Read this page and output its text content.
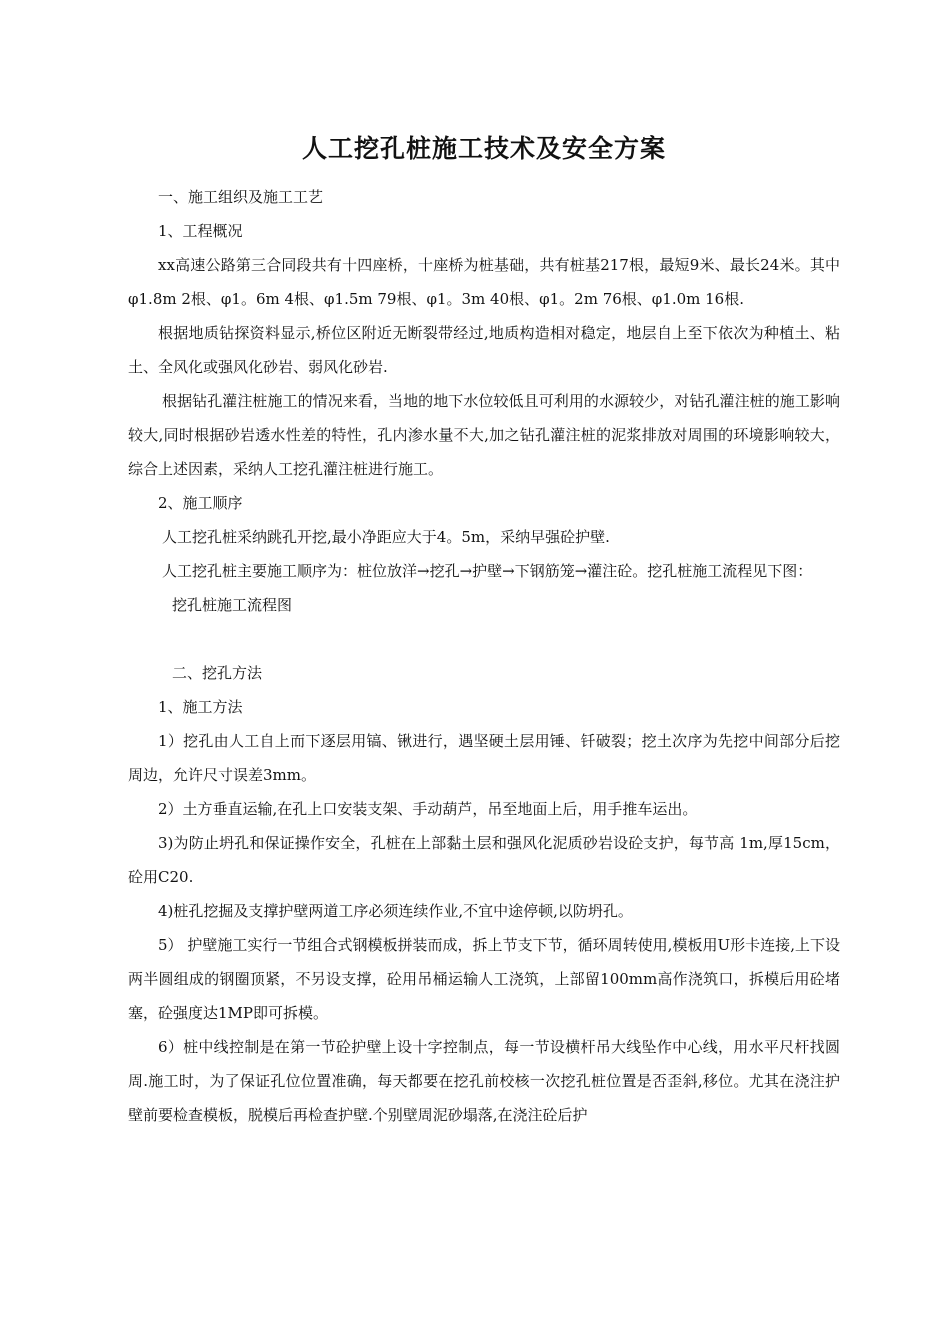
人工挖孔桩施工技术及安全方案
一、施工组织及施工工艺
1、工程概况
xx高速公路第三合同段共有十四座桥，十座桥为桩基础，共有桩基217根，最短9米、最长24米。其中 φ1.8m 2根、φ1。6m 4根、φ1.5m 79根、φ1。3m 40根、φ1。2m 76根、φ1.0m 16根.
根据地质钻探资料显示,桥位区附近无断裂带经过,地质构造相对稳定，地层自上至下依次为种植土、粘土、全风化或强风化砂岩、弱风化砂岩.
根据钻孔灌注桩施工的情况来看，当地的地下水位较低且可利用的水源较少，对钻孔灌注桩的施工影响较大,同时根据砂岩透水性差的特性，孔内渗水量不大,加之钻孔灌注桩的泥浆排放对周围的环境影响较大，综合上述因素，采纳人工挖孔灌注桩进行施工。
2、施工顺序
人工挖孔桩采纳跳孔开挖,最小净距应大于4。5m，采纳早强砼护壁.
人工挖孔桩主要施工顺序为：桩位放洋→挖孔→护壁→下钢筋笼→灌注砼。挖孔桩施工流程见下图：
挖孔桩施工流程图
二、挖孔方法
1、施工方法
1）挖孔由人工自上而下逐层用镐、锹进行，遇坚硬土层用锤、钎破裂；挖土次序为先挖中间部分后挖周边，允许尺寸误差3mm。
2）土方垂直运输,在孔上口安装支架、手动葫芦，吊至地面上后，用手推车运出。
3)为防止坍孔和保证操作安全，孔桩在上部黏土层和强风化泥质砂岩设砼支护，每节高 1m,厚15cm，砼用C20.
4)桩孔挖掘及支撑护壁两道工序必须连续作业,不宜中途停顿,以防坍孔。
5） 护壁施工实行一节组合式钢模板拼装而成，拆上节支下节，循环周转使用,模板用U形卡连接,上下设两半圆组成的钢圈顶紧，不另设支撑，砼用吊桶运输人工浇筑，上部留100mm高作浇筑口，拆模后用砼堵塞，砼强度达1MP即可拆模。
6）桩中线控制是在第一节砼护壁上设十字控制点，每一节设横杆吊大线坠作中心线，用水平尺杆找圆周.施工时，为了保证孔位位置准确，每天都要在挖孔前校核一次挖孔桩位置是否歪斜,移位。尤其在浇注护壁前要检查模板，脱模后再检查护壁.个别壁周泥砂塌落,在浇注砼后护
